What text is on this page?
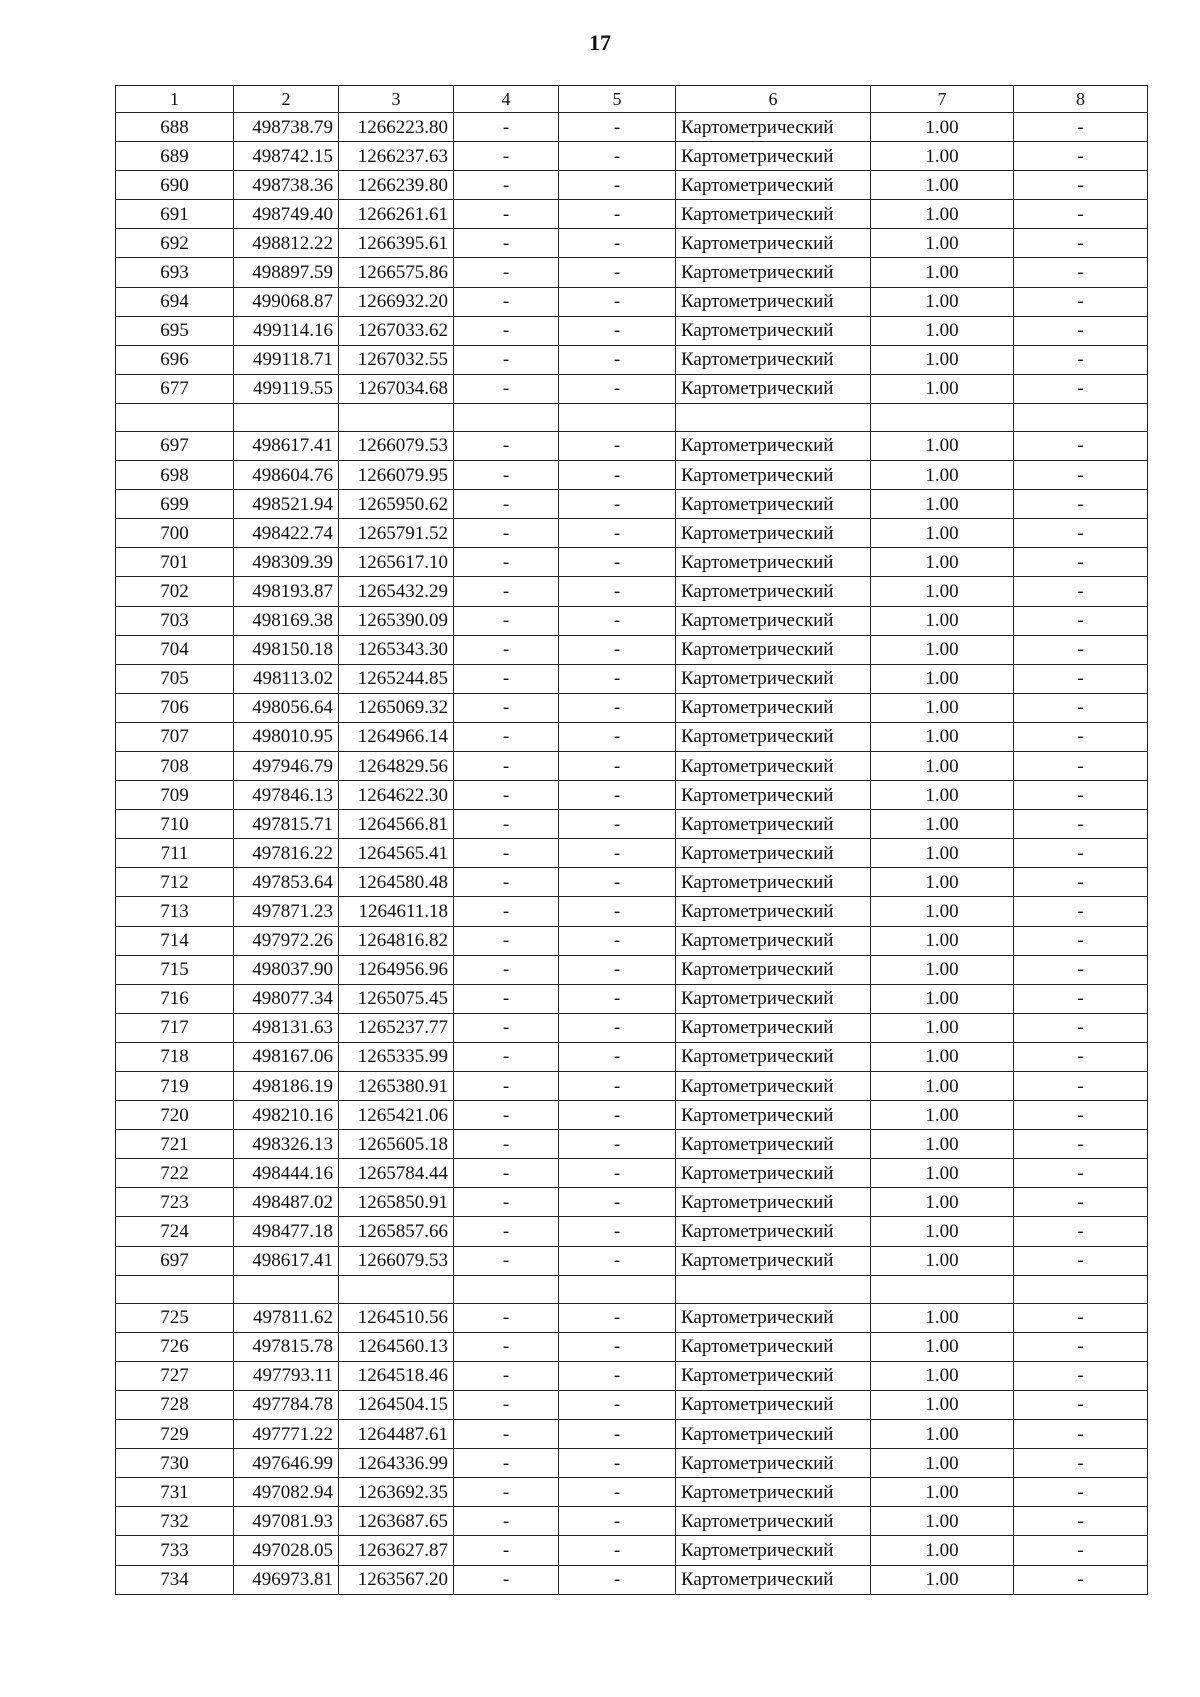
17
1	2	3	4	5	6	7	8
688	498738.79	1266223.80	-	-	Картометрический	1.00	-
689	498742.15	1266237.63	-	-	Картометрический	1.00	-
690	498738.36	1266239.80	-	-	Картометрический	1.00	-
691	498749.40	1266261.61	-	-	Картометрический	1.00	-
692	498812.22	1266395.61	-	-	Картометрический	1.00	-
693	498897.59	1266575.86	-	-	Картометрический	1.00	-
694	499068.87	1266932.20	-	-	Картометрический	1.00	-
695	499114.16	1267033.62	-	-	Картометрический	1.00	-
696	499118.71	1267032.55	-	-	Картометрический	1.00	-
677	499119.55	1267034.68	-	-	Картометрический	1.00	-

697	498617.41	1266079.53	-	-	Картометрический	1.00	-
698	498604.76	1266079.95	-	-	Картометрический	1.00	-
699	498521.94	1265950.62	-	-	Картометрический	1.00	-
700	498422.74	1265791.52	-	-	Картометрический	1.00	-
701	498309.39	1265617.10	-	-	Картометрический	1.00	-
702	498193.87	1265432.29	-	-	Картометрический	1.00	-
703	498169.38	1265390.09	-	-	Картометрический	1.00	-
704	498150.18	1265343.30	-	-	Картометрический	1.00	-
705	498113.02	1265244.85	-	-	Картометрический	1.00	-
706	498056.64	1265069.32	-	-	Картометрический	1.00	-
707	498010.95	1264966.14	-	-	Картометрический	1.00	-
708	497946.79	1264829.56	-	-	Картометрический	1.00	-
709	497846.13	1264622.30	-	-	Картометрический	1.00	-
710	497815.71	1264566.81	-	-	Картометрический	1.00	-
711	497816.22	1264565.41	-	-	Картометрический	1.00	-
712	497853.64	1264580.48	-	-	Картометрический	1.00	-
713	497871.23	1264611.18	-	-	Картометрический	1.00	-
714	497972.26	1264816.82	-	-	Картометрический	1.00	-
715	498037.90	1264956.96	-	-	Картометрический	1.00	-
716	498077.34	1265075.45	-	-	Картометрический	1.00	-
717	498131.63	1265237.77	-	-	Картометрический	1.00	-
718	498167.06	1265335.99	-	-	Картометрический	1.00	-
719	498186.19	1265380.91	-	-	Картометрический	1.00	-
720	498210.16	1265421.06	-	-	Картометрический	1.00	-
721	498326.13	1265605.18	-	-	Картометрический	1.00	-
722	498444.16	1265784.44	-	-	Картометрический	1.00	-
723	498487.02	1265850.91	-	-	Картометрический	1.00	-
724	498477.18	1265857.66	-	-	Картометрический	1.00	-
697	498617.41	1266079.53	-	-	Картометрический	1.00	-

725	497811.62	1264510.56	-	-	Картометрический	1.00	-
726	497815.78	1264560.13	-	-	Картометрический	1.00	-
727	497793.11	1264518.46	-	-	Картометрический	1.00	-
728	497784.78	1264504.15	-	-	Картометрический	1.00	-
729	497771.22	1264487.61	-	-	Картометрический	1.00	-
730	497646.99	1264336.99	-	-	Картометрический	1.00	-
731	497082.94	1263692.35	-	-	Картометрический	1.00	-
732	497081.93	1263687.65	-	-	Картометрический	1.00	-
733	497028.05	1263627.87	-	-	Картометрический	1.00	-
734	496973.81	1263567.20	-	-	Картометрический	1.00	-
